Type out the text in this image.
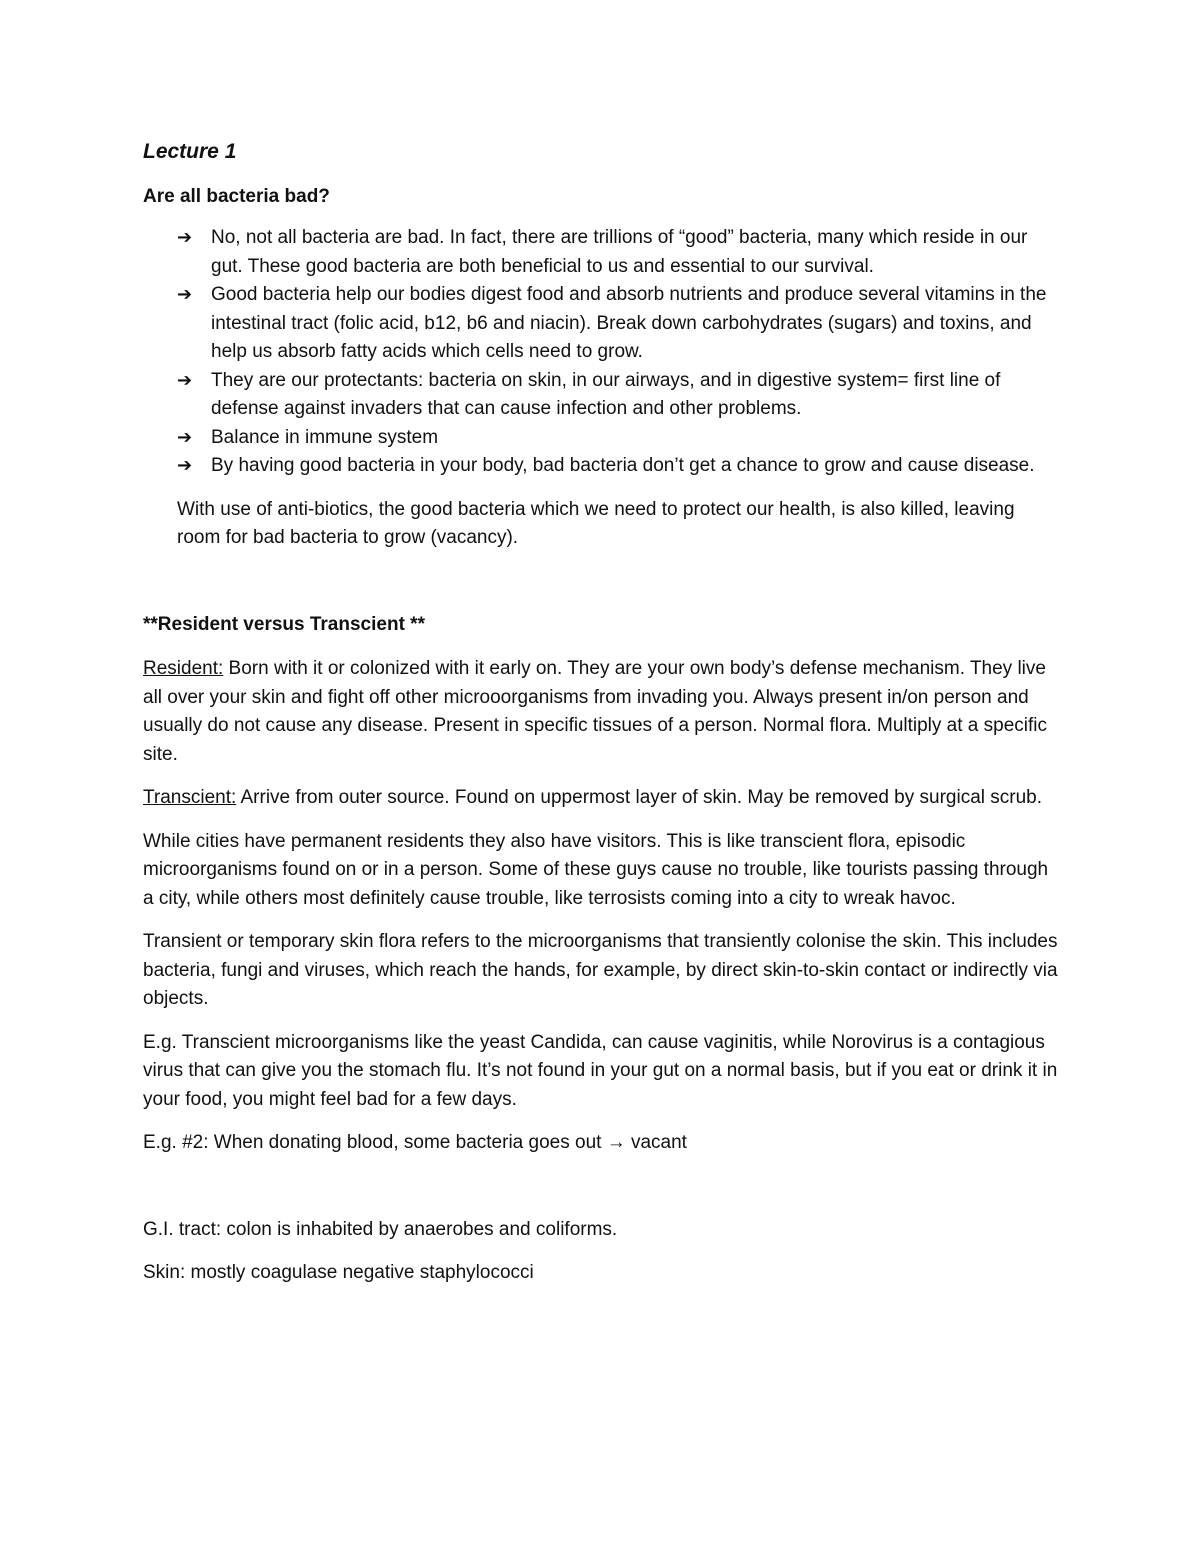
Lecture 1

Are all bacteria bad?

➔ No, not all bacteria are bad. In fact, there are trillions of “good” bacteria, many which reside in our gut. These good bacteria are both beneficial to us and essential to our survival.
➔ Good bacteria help our bodies digest food and absorb nutrients and produce several vitamins in the intestinal tract (folic acid, b12, b6 and niacin). Break down carbohydrates (sugars) and toxins, and help us absorb fatty acids which cells need to grow.
➔ They are our protectants: bacteria on skin, in our airways, and in digestive system= first line of defense against invaders that can cause infection and other problems.
➔ Balance in immune system
➔ By having good bacteria in your body, bad bacteria don’t get a chance to grow and cause disease.

With use of anti-biotics, the good bacteria which we need to protect our health, is also killed, leaving room for bad bacteria to grow (vacancy).

**Resident versus Transcient **

Resident: Born with it or colonized with it early on. They are your own body’s defense mechanism. They live all over your skin and fight off other microoorganisms from invading you. Always present in/on person and usually do not cause any disease. Present in specific tissues of a person. Normal flora. Multiply at a specific site.

Transcient: Arrive from outer source. Found on uppermost layer of skin. May be removed by surgical scrub.

While cities have permanent residents they also have visitors. This is like transcient flora, episodic microorganisms found on or in a person. Some of these guys cause no trouble, like tourists passing through a city, while others most definitely cause trouble, like terrosists coming into a city to wreak havoc.

Transient or temporary skin flora refers to the microorganisms that transiently colonise the skin. This includes bacteria, fungi and viruses, which reach the hands, for example, by direct skin-to-skin contact or indirectly via objects.

E.g. Transcient microorganisms like the yeast Candida, can cause vaginitis, while Norovirus is a contagious virus that can give you the stomach flu. It’s not found in your gut on a normal basis, but if you eat or drink it in your food, you might feel bad for a few days.

E.g. #2: When donating blood, some bacteria goes out → vacant

G.I. tract: colon is inhabited by anaerobes and coliforms.

Skin: mostly coagulase negative staphylococci
